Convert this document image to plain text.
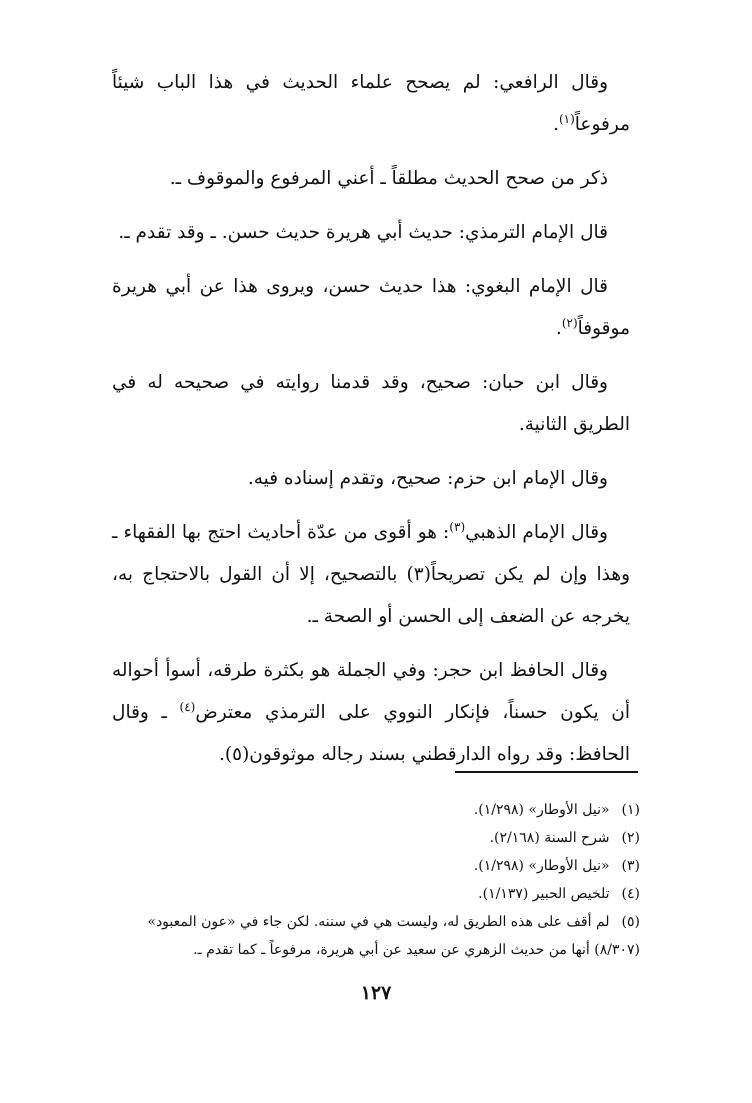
وقال الرافعي: لم يصحح علماء الحديث في هذا الباب شيئاً مرفوعاً$^{(١)}$.

ذكر من صحح الحديث مطلقاً ـ أعني المرفوع والموقوف ـ.

قال الإمام الترمذي: حديث أبي هريرة حديث حسن. ـ وقد تقدم ـ.

قال الإمام البغوي: هذا حديث حسن، ويروى هذا عن أبي هريرة موقوفاً$^{(٢)}$.

وقال ابن حبان: صحيح، وقد قدمنا روايته في صحيحه له في الطريق الثانية.

وقال الإمام ابن حزم: صحيح، وتقدم إسناده فيه.

وقال الإمام الذهبي$^{(٣)}$: هو أقوى من عدّة أحاديث احتج بها الفقهاء ـ وهذا وإن لم يكن تصريحاً(٣) بالتصحيح، إلا أن القول بالاحتجاج به، يخرجه عن الضعف إلى الحسن أو الصحة ـ.

وقال الحافظ ابن حجر: وفي الجملة هو بكثرة طرقه، أسوأ أحواله أن يكون حسناً، فإنكار النووي على الترمذي معترض$^{(٤)}$ ـ وقال الحافظ: وقد رواه الدارقطني بسند رجاله موثوقون(٥).

(١) «نيل الأوطار» (١/٢٩٨).

(٢) شرح السنة (٢/١٦٨).

(٣) «نيل الأوطار» (١/٢٩٨).

(٤) تلخيص الحبير (١/١٣٧).

(٥) لم أقف على هذه الطريق له، وليست هي في سننه. لكن جاء في «عون المعبود» (٨/٣٠٧) أنها من حديث الزهري عن سعيد عن أبي هريرة، مرفوعاً ـ كما تقدم ـ.

١٢٧
